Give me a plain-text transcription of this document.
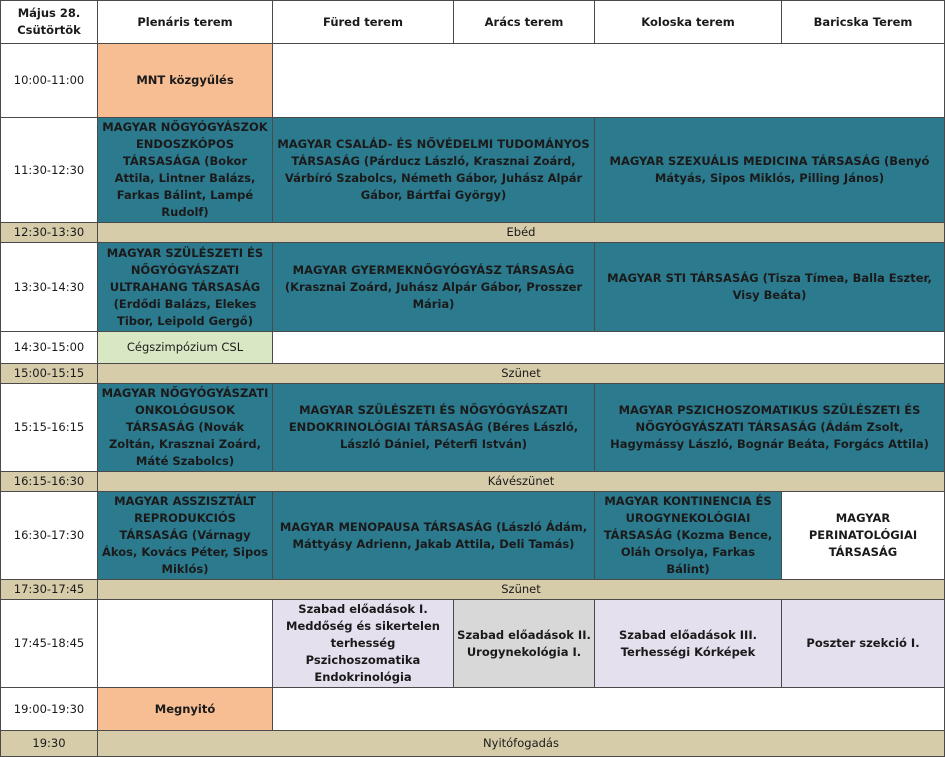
Május 28.
Csütörtök	Plenáris terem	Füred terem	Arács terem	Koloska terem	Baricska Terem
10:00-11:00	MNT közgyűlés				
11:30-12:30	MAGYAR NŐGYÓGYÁSZOK ENDOSZKÓPOS TÁRSASÁGA (Bokor Attila, Lintner Balázs, Farkas Bálint, Lampé Rudolf)	MAGYAR CSALÁD- ÉS NŐVÉDELMI TUDOMÁNYOS TÁRSASÁG (Párducz László, Krasznai Zoárd, Várbíró Szabolcs, Németh Gábor, Juhász Alpár Gábor, Bártfai György)		MAGYAR SZEXUÁLIS MEDICINA TÁRSASÁG (Benyó Mátyás, Sipos Miklós, Pilling János)	
12:30-13:30	Ebéd				
13:30-14:30	MAGYAR SZÜLÉSZETI ÉS NŐGYÓGYÁSZATI ULTRAHANG TÁRSASÁG (Erdődi Balázs, Elekes Tibor, Leipold Gergő)	MAGYAR GYERMEKNŐGYÓGYÁSZ TÁRSASÁG (Krasznai Zoárd, Juhász Alpár Gábor, Prosszer Mária)		MAGYAR STI TÁRSASÁG (Tisza Tímea, Balla Eszter, Visy Beáta)	
14:30-15:00	Cégszimpózium CSL				
15:00-15:15	Szünet				
15:15-16:15	MAGYAR NŐGYÓGYÁSZATI ONKOLÓGUSOK TÁRSASÁG (Novák Zoltán, Krasznai Zoárd, Máté Szabolcs)	MAGYAR SZÜLÉSZETI ÉS NŐGYÓGYÁSZATI ENDOKRINOLÓGIAI TÁRSASÁG (Béres László, László Dániel, Péterfi István)		MAGYAR PSZICHOSZOMATIKUS SZÜLÉSZETI ÉS NŐGYÓGYÁSZATI TÁRSASÁG (Ádám Zsolt, Hagymássy László, Bognár Beáta, Forgács Attila)	
16:15-16:30	Kávészünet				
16:30-17:30	MAGYAR ASSZISZTÁLT REPRODUKCIÓS TÁRSASÁG (Várnagy Ákos, Kovács Péter, Sipos Miklós)	MAGYAR MENOPAUSA TÁRSASÁG (László Ádám, Máttyásy Adrienn, Jakab Attila, Deli Tamás)		MAGYAR KONTINENCIA ÉS UROGYNEKOLÓGIAI TÁRSASÁG (Kozma Bence, Oláh Orsolya, Farkas Bálint)	MAGYAR PERINATOLÓGIAI TÁRSASÁG
17:30-17:45	Szünet				
17:45-18:45		Szabad előadások I. Meddőség és sikertelen terhesség Pszichoszomatika Endokrinológia	Szabad előadások II. Urogynekológia I.	Szabad előadások III. Terhességi Kórképek	Poszter szekció I.
19:00-19:30	Megnyitó				
19:30	Nyitófogadás				
